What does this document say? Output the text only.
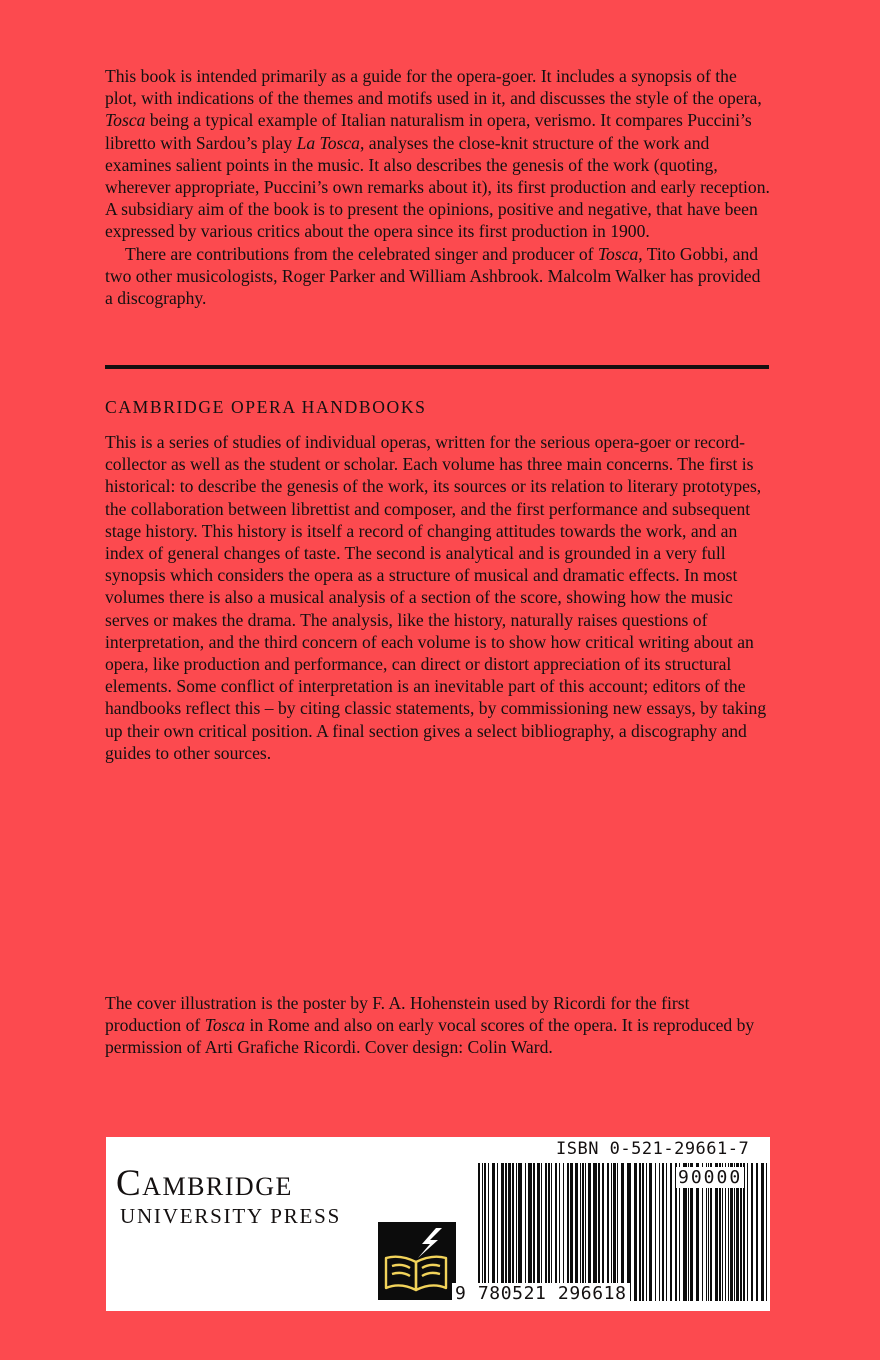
This book is intended primarily as a guide for the opera-goer. It includes a synopsis of the plot, with indications of the themes and motifs used in it, and discusses the style of the opera, Tosca being a typical example of Italian naturalism in opera, verismo. It compares Puccini’s libretto with Sardou’s play La Tosca, analyses the close-knit structure of the work and examines salient points in the music. It also describes the genesis of the work (quoting, wherever appropriate, Puccini’s own remarks about it), its first production and early reception. A subsidiary aim of the book is to present the opinions, positive and negative, that have been expressed by various critics about the opera since its first production in 1900.

There are contributions from the celebrated singer and producer of Tosca, Tito Gobbi, and two other musicologists, Roger Parker and William Ashbrook. Malcolm Walker has provided a discography.

CAMBRIDGE OPERA HANDBOOKS

This is a series of studies of individual operas, written for the serious opera-goer or record-collector as well as the student or scholar. Each volume has three main concerns. The first is historical: to describe the genesis of the work, its sources or its relation to literary prototypes, the collaboration between librettist and composer, and the first performance and subsequent stage history. This history is itself a record of changing attitudes towards the work, and an index of general changes of taste. The second is analytical and is grounded in a very full synopsis which considers the opera as a structure of musical and dramatic effects. In most volumes there is also a musical analysis of a section of the score, showing how the music serves or makes the drama. The analysis, like the history, naturally raises questions of interpretation, and the third concern of each volume is to show how critical writing about an opera, like production and performance, can direct or distort appreciation of its structural elements. Some conflict of interpretation is an inevitable part of this account; editors of the handbooks reflect this – by citing classic statements, by commissioning new essays, by taking up their own critical position. A final section gives a select bibliography, a discography and guides to other sources.

The cover illustration is the poster by F. A. Hohenstein used by Ricordi for the first production of Tosca in Rome and also on early vocal scores of the opera. It is reproduced by permission of Arti Grafiche Ricordi. Cover design: Colin Ward.

Cambridge
UNIVERSITY PRESS
ISBN 0-521-29661-7
90000
9 780521 296618
